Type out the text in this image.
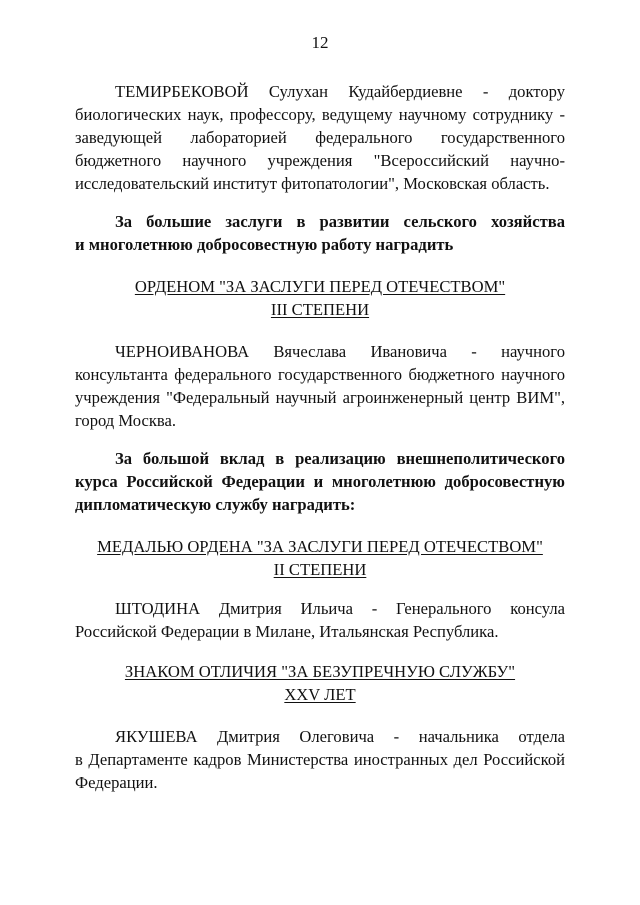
12
ТЕМИРБЕКОВОЙ Сулухан Кудайбердиевне - доктору
биологических наук, профессору, ведущему научному сотруднику -
заведующей лабораторией федерального государственного
бюджетного научного учреждения "Всероссийский научно-
исследовательский институт фитопатологии", Московская область.
За большие заслуги в развитии сельского хозяйства
и многолетнюю добросовестную работу наградить
ОРДЕНОМ "ЗА ЗАСЛУГИ ПЕРЕД ОТЕЧЕСТВОМ"
III СТЕПЕНИ
ЧЕРНОИВАНОВА Вячеслава Ивановича - научного
консультанта федерального государственного бюджетного научного
учреждения "Федеральный научный агроинженерный центр ВИМ",
город Москва.
За большой вклад в реализацию внешнеполитического
курса Российской Федерации и многолетнюю добросовестную
дипломатическую службу наградить:
МЕДАЛЬЮ ОРДЕНА "ЗА ЗАСЛУГИ ПЕРЕД ОТЕЧЕСТВОМ"
II СТЕПЕНИ
ШТОДИНА Дмитрия Ильича - Генерального консула
Российской Федерации в Милане, Итальянская Республика.
ЗНАКОМ ОТЛИЧИЯ "ЗА БЕЗУПРЕЧНУЮ СЛУЖБУ"
XXV ЛЕТ
ЯКУШЕВА Дмитрия Олеговича - начальника отдела
в Департаменте кадров Министерства иностранных дел Российской
Федерации.
